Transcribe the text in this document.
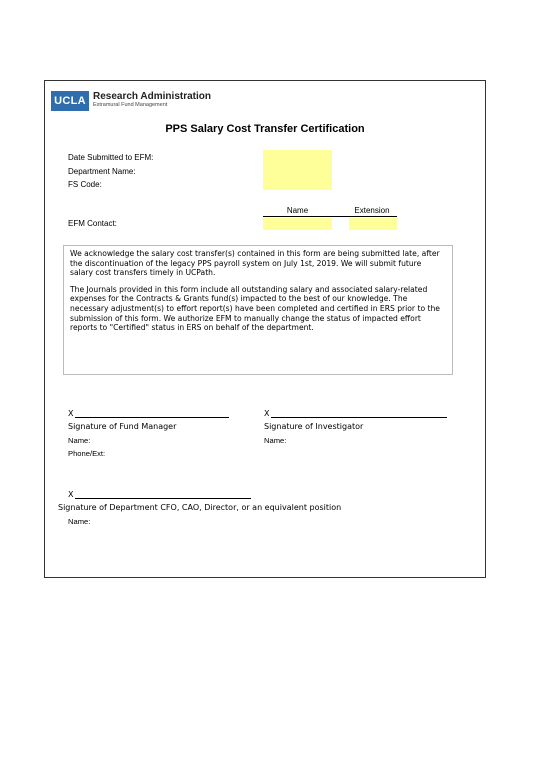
UCLA Research Administration
Extramural Fund Management
PPS Salary Cost Transfer Certification
Date Submitted to EFM:
Department Name:
FS Code:
Name	Extension
EFM Contact:

We acknowledge the salary cost transfer(s) contained in this form are being submitted late, after the discontinuation of the legacy PPS payroll system on July 1st, 2019. We will submit future salary cost transfers timely in UCPath.

The Journals provided in this form include all outstanding salary and associated salary-related expenses for the Contracts & Grants fund(s) impacted to the best of our knowledge. The necessary adjustment(s) to effort report(s) have been completed and certified in ERS prior to the submission of this form. We authorize EFM to manually change the status of impacted effort reports to "Certified" status in ERS on behalf of the department.

X
Signature of Fund Manager
Name:
Phone/Ext:
X
Signature of Investigator
Name:
X
Signature of Department CFO, CAO, Director, or an equivalent position
Name:
